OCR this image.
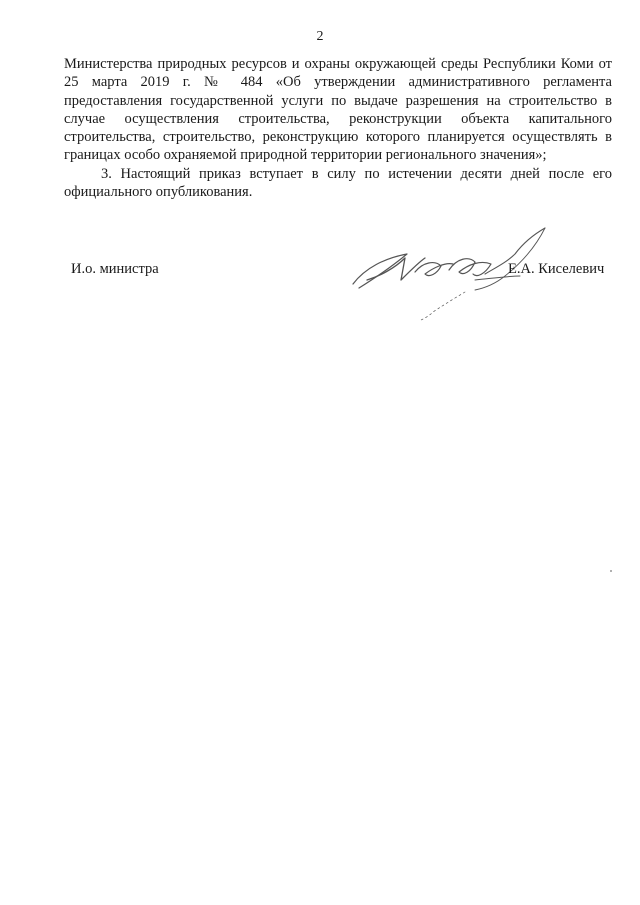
2

Министерства природных ресурсов и охраны окружающей среды Республики Коми от 25 марта 2019 г. № 484 «Об утверждении административного регламента предоставления государственной услуги по выдаче разрешения на строительство в случае осуществления строительства, реконструкции объекта капитального строительства, строительство, реконструкцию которого планируется осуществлять в границах особо охраняемой природной территории регионального значения»;

3. Настоящий приказ вступает в силу по истечении десяти дней после его официального опубликования.

И.о. министра	Е.А. Киселевич
